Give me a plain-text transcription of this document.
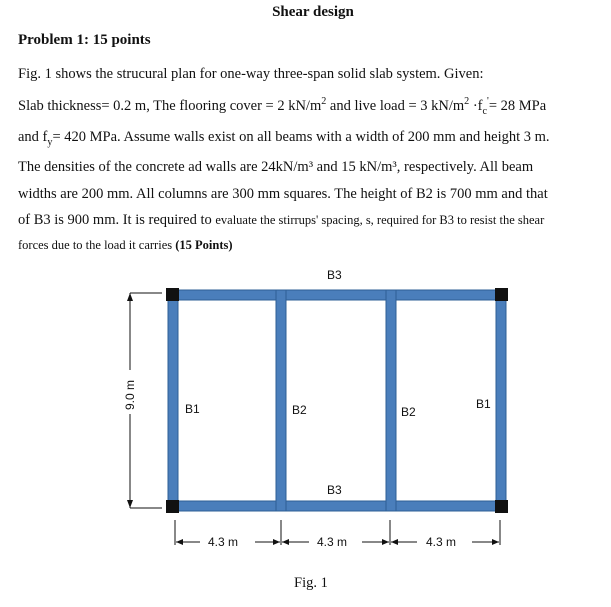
Shear design
Problem 1: 15 points
Fig. 1 shows the strucural plan for one-way three-span solid slab system. Given:
Slab thickness= 0.2 m, The flooring cover = 2 $kN/m^2$ and live load = 3 $kN/m^2 \cdot f_c'= 28$ MPa
and $f_y= 420$ MPa. Assume walls exist on all beams with a width of 200 mm and height 3 m.
The densities of the concrete ad walls are 24kN/m³ and 15 kN/m³, respectively. All beam
widths are 200 mm. All columns are 300 mm squares. The height of B2 is 700 mm and that
of B3 is 900 mm. It is required to evaluate the stirrups' spacing, s, required for B3 to resist the shear
forces due to the load it carries (15 Points)
B3
B3
B1	B2	B2
B1
9.0 m
4.3 m	4.3 m	4.3 m
Fig. 1
